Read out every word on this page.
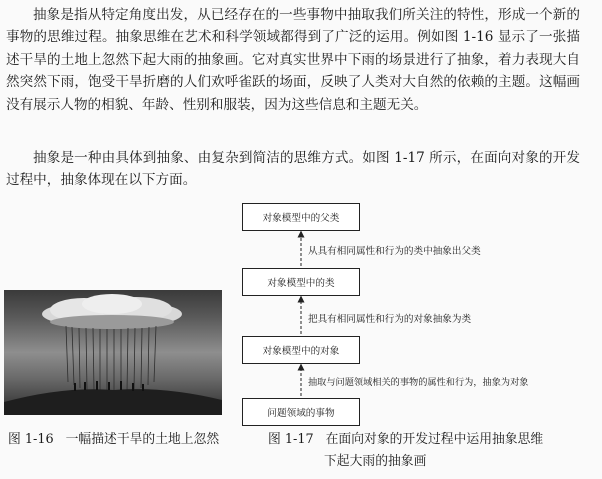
抽象是指从特定角度出发，从已经存在的一些事物中抽取我们所关注的特性，形成一个新的事物的思维过程。抽象思维在艺术和科学领域都得到了广泛的运用。例如图 1-16 显示了一张描述干旱的土地上忽然下起大雨的抽象画。它对真实世界中下雨的场景进行了抽象，着力表现大自然突然下雨，饱受干旱折磨的人们欢呼雀跃的场面，反映了人类对大自然的依赖的主题。这幅画没有展示人物的相貌、年龄、性别和服装，因为这些信息和主题无关。

抽象是一种由具体到抽象、由复杂到简洁的思维方式。如图 1-17 所示，在面向对象的开发过程中，抽象体现在以下方面。

对象模型中的父类
对象模型中的类
对象模型中的对象
问题领域的事物
从具有相同属性和行为的类中抽象出父类
把具有相同属性和行为的对象抽象为类
抽取与问题领域相关的事物的属性和行为，抽象为对象
图 1-16 一幅描述干旱的土地上忽然	图 1-17 在面向对象的开发过程中运用抽象思维
下起大雨的抽象画
